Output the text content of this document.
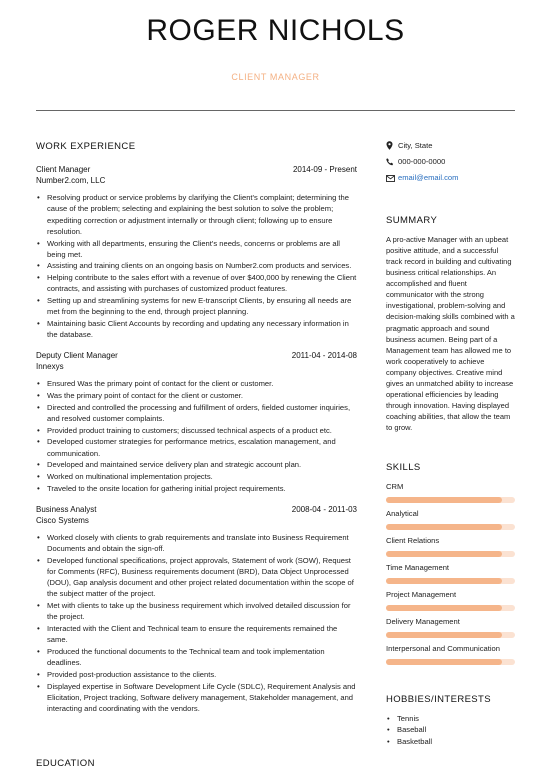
ROGER NICHOLS
CLIENT MANAGER
WORK EXPERIENCE
Client Manager	2014-09 - Present
Number2.com, LLC
• Resolving product or service problems by clarifying the Client's complaint; determining the cause of the problem; selecting and explaining the best solution to solve the problem; expediting correction or adjustment internally or through client; following up to ensure resolution.
• Working with all departments, ensuring the Client's needs, concerns or problems are all being met.
• Assisting and training clients on an ongoing basis on Number2.com products and services.
• Helping contribute to the sales effort with a revenue of over $400,000 by renewing the Client contracts, and assisting with purchases of customized product features.
• Setting up and streamlining systems for new E-transcript Clients, by ensuring all needs are met from the beginning to the end, through project planning.
• Maintaining basic Client Accounts by recording and updating any necessary information in the database.
Deputy Client Manager	2011-04 - 2014-08
Innexys
• Ensured Was the primary point of contact for the client or customer.
• Was the primary point of contact for the client or customer.
• Directed and controlled the processing and fulfillment of orders, fielded customer inquiries, and resolved customer complaints.
• Provided product training to customers; discussed technical aspects of a product etc.
• Developed customer strategies for performance metrics, escalation management, and communication.
• Developed and maintained service delivery plan and strategic account plan.
• Worked on multinational implementation projects.
• Traveled to the onsite location for gathering initial project requirements.
Business Analyst	2008-04 - 2011-03
Cisco Systems
• Worked closely with clients to grab requirements and translate into Business Requirement Documents and obtain the sign-off.
• Developed functional specifications, project approvals, Statement of work (SOW), Request for Comments (RFC), Business requirements document (BRD), Data Object Unprocessed (DOU), Gap analysis document and other project related documentation within the scope of the subject matter of the project.
• Met with clients to take up the business requirement which involved detailed discussion for the project.
• Interacted with the Client and Technical team to ensure the requirements remained the same.
• Produced the functional documents to the Technical team and took implementation deadlines.
• Provided post-production assistance to the clients.
• Displayed expertise in Software Development Life Cycle (SDLC), Requirement Analysis and Elicitation, Project tracking, Software delivery management, Stakeholder management, and interacting and coordinating with the vendors.
EDUCATION
City, State
000-000-0000
email@email.com
SUMMARY
A pro-active Manager with an upbeat positive attitude, and a successful track record in building and cultivating business critical relationships. An accomplished and fluent communicator with the strong investigational, problem-solving and decision-making skills combined with a pragmatic approach and sound business acumen. Being part of a Management team has allowed me to work cooperatively to achieve company objectives. Creative mind gives an unmatched ability to increase operational efficiencies by leading through innovation. Having displayed coaching abilities, that allow the team to grow.
SKILLS
CRM
Analytical
Client Relations
Time Management
Project Management
Delivery Management
Interpersonal and Communication
HOBBIES/INTERESTS
• Tennis
• Baseball
• Basketball
